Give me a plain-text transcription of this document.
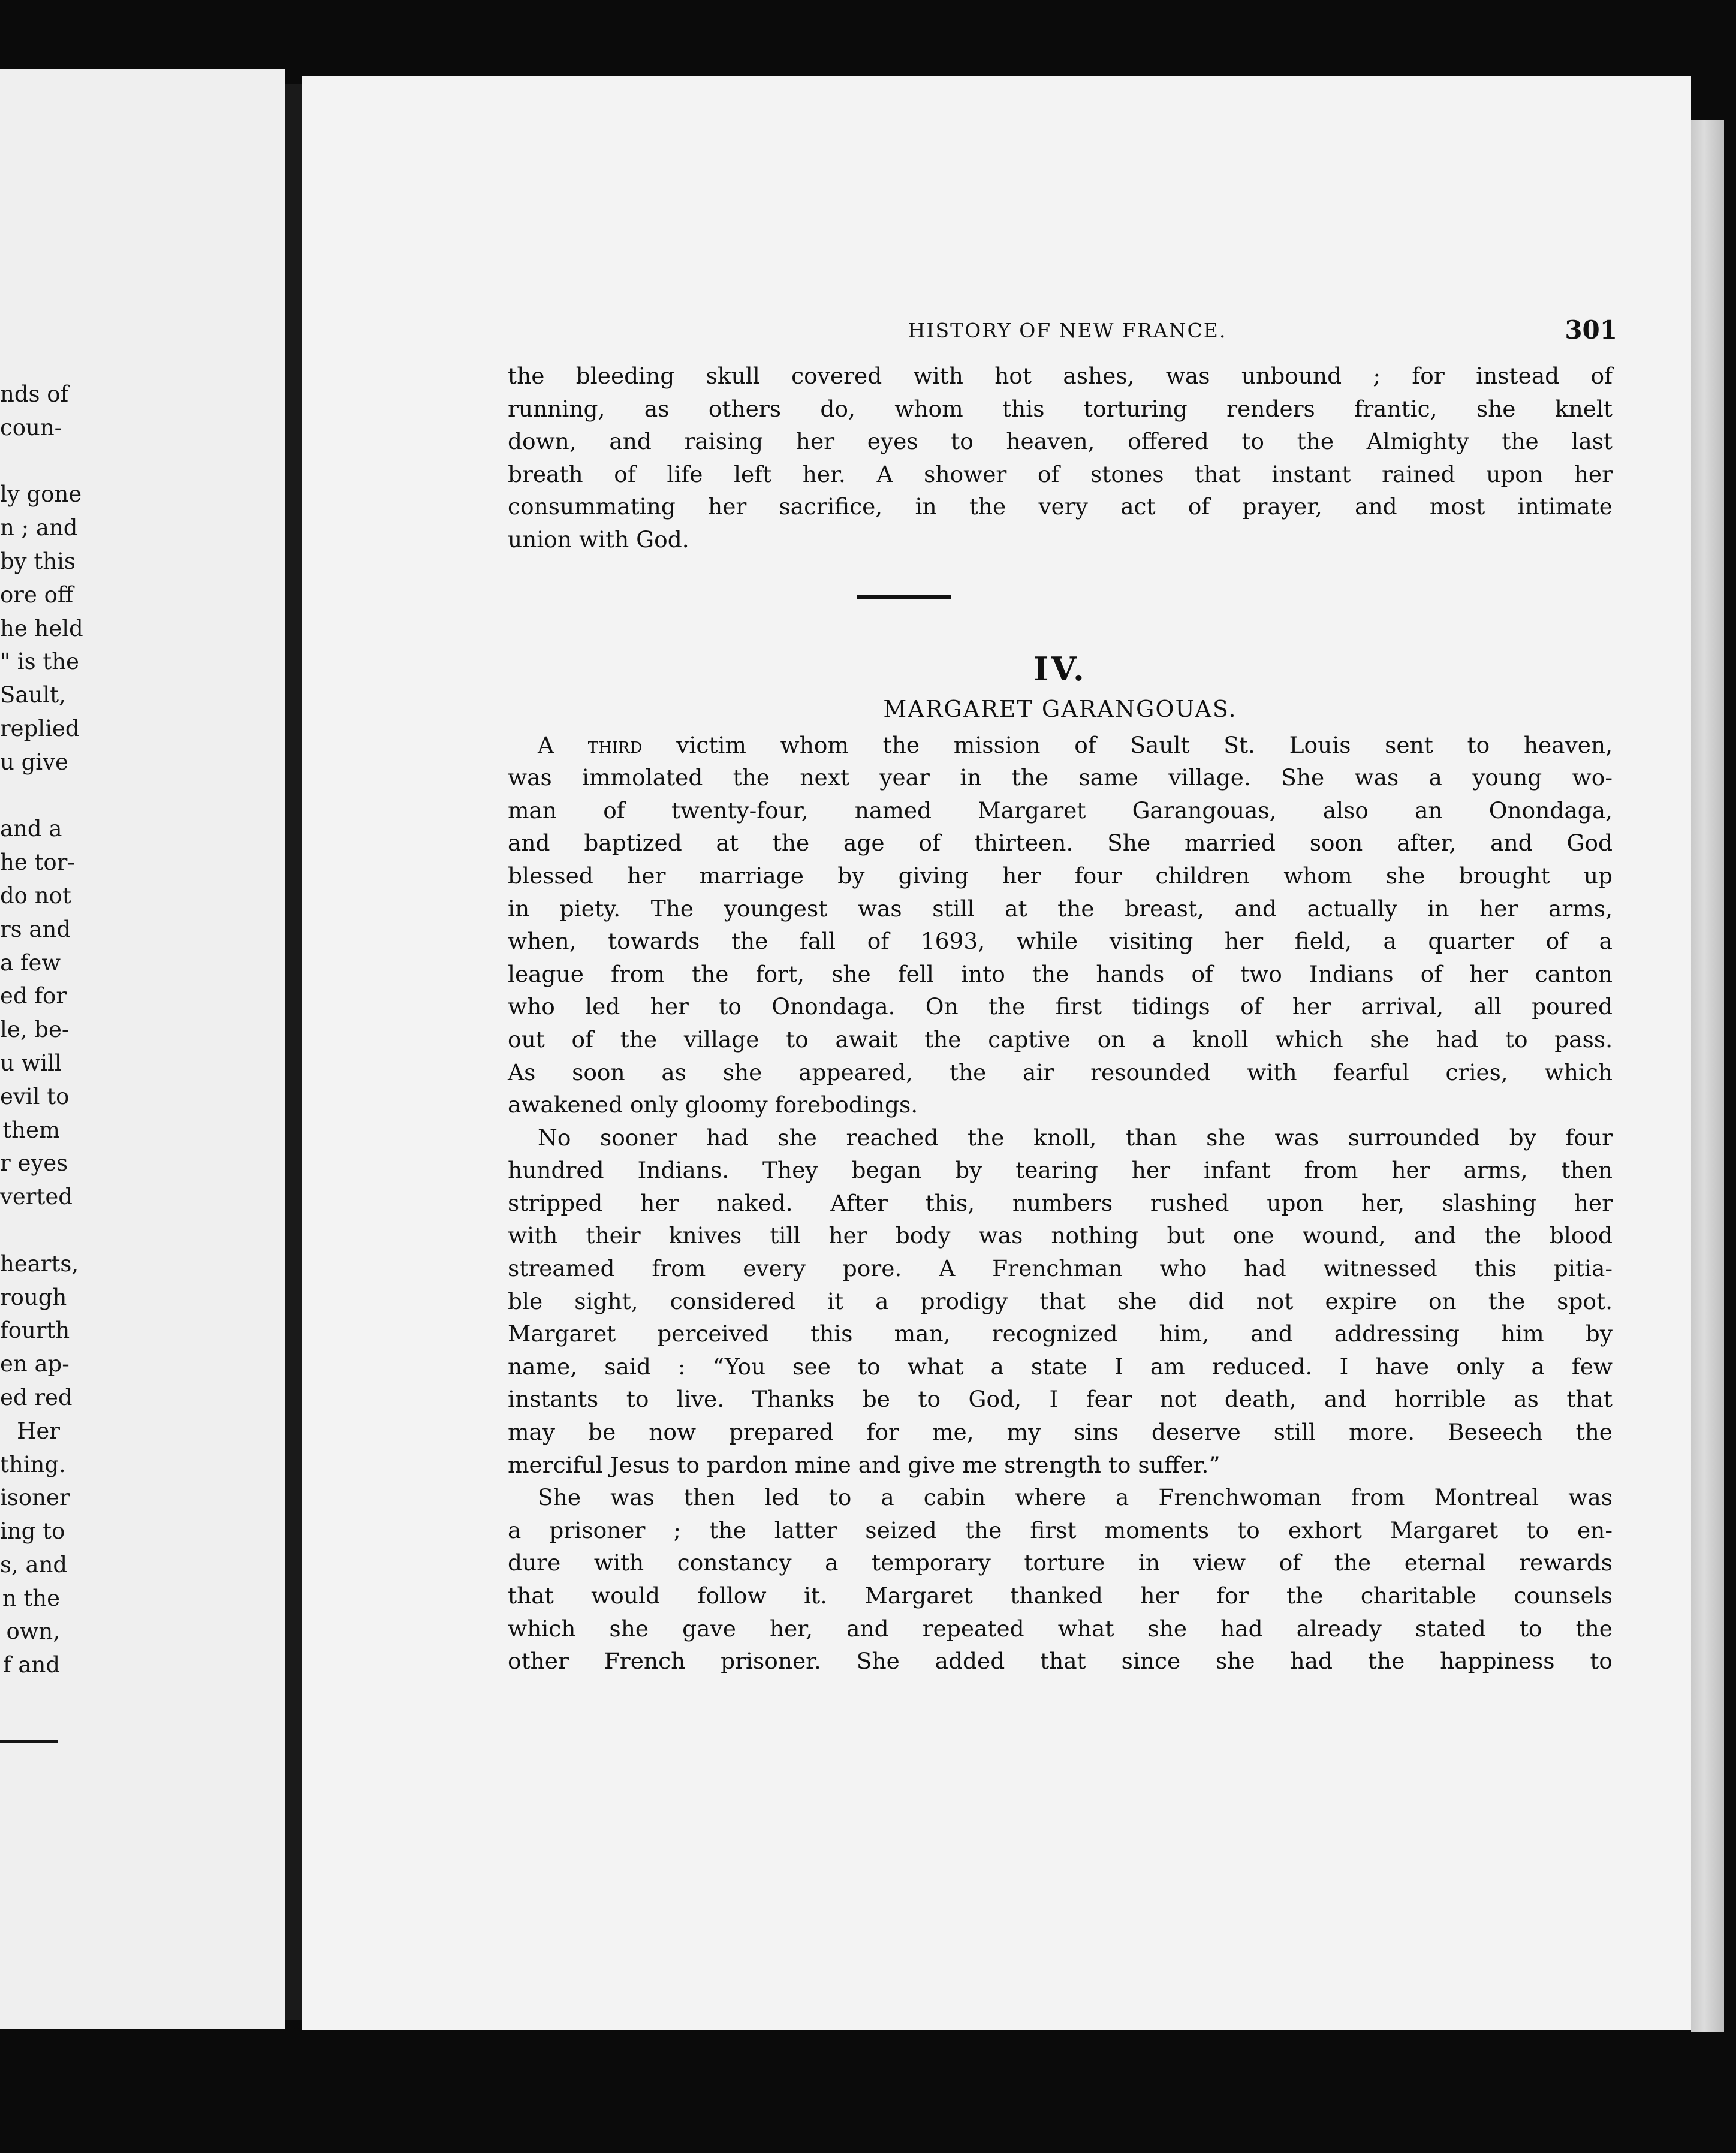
nds of
coun-

ly gone
n ; and
by this
ore off
he held
" is the
Sault,
replied
u give

and a
he tor-
do not
rs and
a few
ed for
le, be-
u will
evil to
them
r eyes
verted

hearts,
rough
fourth
en ap-
ed red
Her
thing.
isoner
ing to
s, and
n the
own,
f and
HISTORY OF NEW FRANCE.	301
the bleeding skull covered with hot ashes, was unbound ; for instead of
running, as others do, whom this torturing renders frantic, she knelt
down, and raising her eyes to heaven, offered to the Almighty the last
breath of life left her. A shower of stones that instant rained upon her
consummating her sacrifice, in the very act of prayer, and most intimate
union with God.
IV.
MARGARET GARANGOUAS.
A third victim whom the mission of Sault St. Louis sent to heaven,
was immolated the next year in the same village. She was a young wo-
man of twenty-four, named Margaret Garangouas, also an Onondaga,
and baptized at the age of thirteen. She married soon after, and God
blessed her marriage by giving her four children whom she brought up
in piety. The youngest was still at the breast, and actually in her arms,
when, towards the fall of 1693, while visiting her field, a quarter of a
league from the fort, she fell into the hands of two Indians of her canton
who led her to Onondaga. On the first tidings of her arrival, all poured
out of the village to await the captive on a knoll which she had to pass.
As soon as she appeared, the air resounded with fearful cries, which
awakened only gloomy forebodings.
No sooner had she reached the knoll, than she was surrounded by four
hundred Indians. They began by tearing her infant from her arms, then
stripped her naked. After this, numbers rushed upon her, slashing her
with their knives till her body was nothing but one wound, and the blood
streamed from every pore. A Frenchman who had witnessed this pitia-
ble sight, considered it a prodigy that she did not expire on the spot.
Margaret perceived this man, recognized him, and addressing him by
name, said : “You see to what a state I am reduced. I have only a few
instants to live. Thanks be to God, I fear not death, and horrible as that
may be now prepared for me, my sins deserve still more. Beseech the
merciful Jesus to pardon mine and give me strength to suffer.”
She was then led to a cabin where a Frenchwoman from Montreal was
a prisoner ; the latter seized the first moments to exhort Margaret to en-
dure with constancy a temporary torture in view of the eternal rewards
that would follow it. Margaret thanked her for the charitable counsels
which she gave her, and repeated what she had already stated to the
other French prisoner. She added that since she had the happiness to
